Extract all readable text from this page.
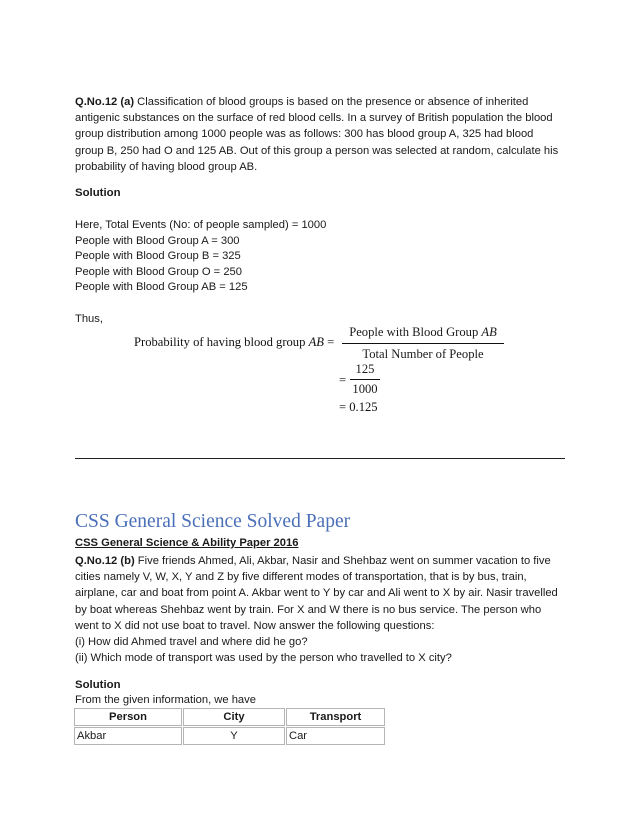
Q.No.12 (a) Classification of blood groups is based on the presence or absence of inherited antigenic substances on the surface of red blood cells. In a survey of British population the blood group distribution among 1000 people was as follows: 300 has blood group A, 325 had blood group B, 250 had O and 125 AB. Out of this group a person was selected at random, calculate his probability of having blood group AB.

Solution

Here, Total Events (No: of people sampled) = 1000
People with Blood Group A = 300
People with Blood Group B = 325
People with Blood Group O = 250
People with Blood Group AB = 125
Thus,
Probability of having blood group AB =
People with Blood Group AB
Total Number of People
=
125
1000
= 0.125
CSS General Science Solved Paper

CSS General Science & Ability Paper 2016

Q.No.12 (b) Five friends Ahmed, Ali, Akbar, Nasir and Shehbaz went on summer vacation to five cities namely V, W, X, Y and Z by five different modes of transportation, that is by bus, train, airplane, car and boat from point A. Akbar went to Y by car and Ali went to X by air. Nasir travelled by boat whereas Shehbaz went by train. For X and W there is no bus service. The person who went to X did not use boat to travel. Now answer the following questions:
(i) How did Ahmed travel and where did he go?
(ii) Which mode of transport was used by the person who travelled to X city?

Solution

From the given information, we have
Person	City	Transport
Akbar	Y	Car
